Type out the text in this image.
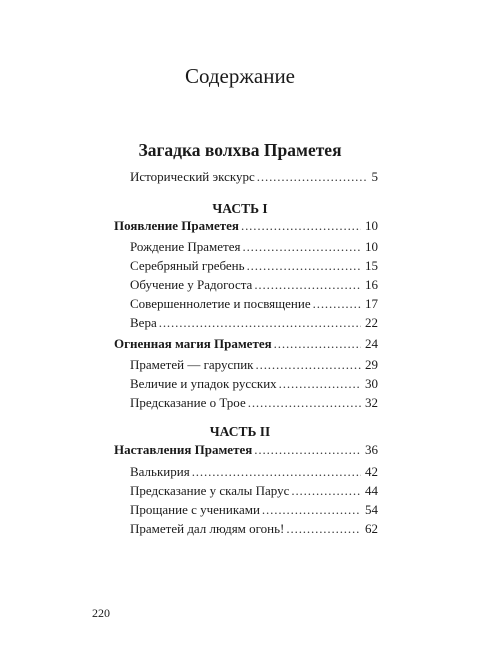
Содержание
Загадка волхва Праметея
Исторический экскурс . . .	5
ЧАСТЬ I
Появление Праметея . . .	10
Рождение Праметея . . .	10
Серебряный гребень . . .	15
Обучение у Радогоста . . .	16
Совершеннолетие и посвящение . . .	17
Вера . . .	22
Огненная магия Праметея . . .	24
Праметей — гаруспик . . .	29
Величие и упадок русских . . .	30
Предсказание о Трое . . .	32
ЧАСТЬ II
Наставления Праметея . . .	36
Валькирия . . .	42
Предсказание у скалы Парус . . .	44
Прощание с учениками . . .	54
Праметей дал людям огонь! . . .	62
220
